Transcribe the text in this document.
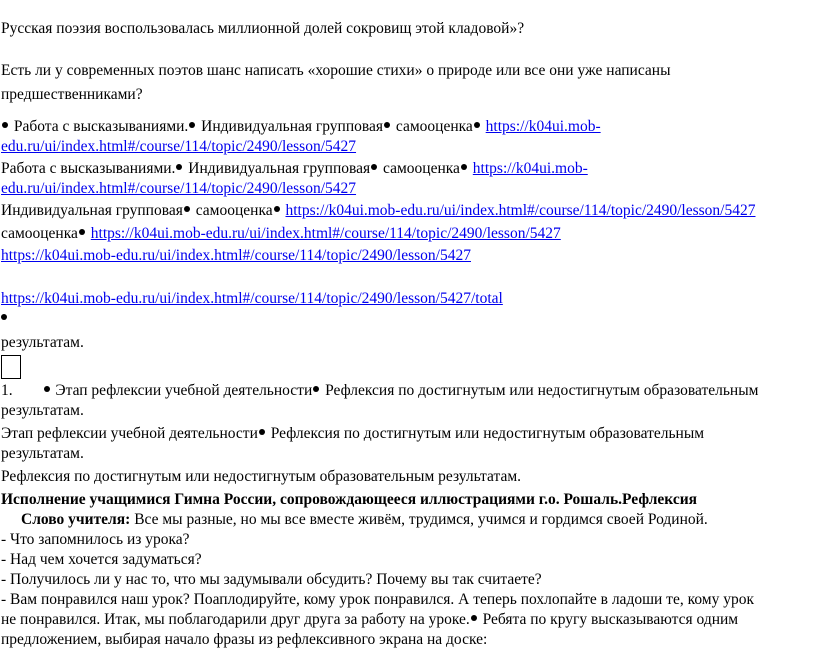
Русская поэзия воспользовалась миллионной долей сокровищ этой кладовой»?
Есть ли у современных поэтов шанс написать «хорошие стихи» о природе или все они уже написаны
предшественниками?
Работа с высказываниями. Индивидуальная групповая самооценка https://k04ui.mob-
edu.ru/ui/index.html#/course/114/topic/2490/lesson/5427
Работа с высказываниями. Индивидуальная групповая самооценка https://k04ui.mob-
edu.ru/ui/index.html#/course/114/topic/2490/lesson/5427
Индивидуальная групповая самооценка https://k04ui.mob-edu.ru/ui/index.html#/course/114/topic/2490/lesson/5427
самооценка https://k04ui.mob-edu.ru/ui/index.html#/course/114/topic/2490/lesson/5427
https://k04ui.mob-edu.ru/ui/index.html#/course/114/topic/2490/lesson/5427
https://k04ui.mob-edu.ru/ui/index.html#/course/114/topic/2490/lesson/5427/total
результатам.
1.	Этап рефлексии учебной деятельности Рефлексия по достигнутым или недостигнутым образовательным
результатам.
Этап рефлексии учебной деятельности Рефлексия по достигнутым или недостигнутым образовательным
результатам.
Рефлексия по достигнутым или недостигнутым образовательным результатам.
Исполнение учащимися Гимна России, сопровождающееся иллюстрациями г.о. Рошаль.Рефлексия
Слово учителя: Все мы разные, но мы все вместе живём, трудимся, учимся и гордимся своей Родиной.
- Что запомнилось из урока?
- Над чем хочется задуматься?
- Получилось ли у нас то, что мы задумывали обсудить? Почему вы так считаете?
- Вам понравился наш урок? Поаплодируйте, кому урок понравился. А теперь похлопайте в ладоши те, кому урок
не понравился. Итак, мы поблагодарили друг друга за работу на уроке. Ребята по кругу высказываются одним
предложением, выбирая начало фразы из рефлексивного экрана на доске:
